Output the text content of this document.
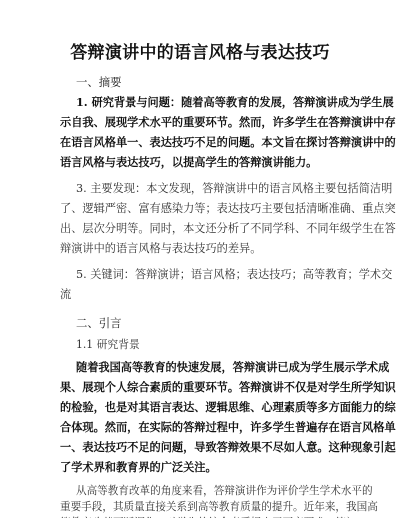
答辩演讲中的语言风格与表达技巧
一、摘要
1. 研究背景与问题：随着高等教育的发展，答辩演讲成为学生展
示自我、展现学术水平的重要环节。然而，许多学生在答辩演讲中存
在语言风格单一、表达技巧不足的问题。本文旨在探讨答辩演讲中的
语言风格与表达技巧，以提高学生的答辩演讲能力。
3. 主要发现：本文发现，答辩演讲中的语言风格主要包括简洁明
了、逻辑严密、富有感染力等；表达技巧主要包括清晰准确、重点突
出、层次分明等。同时，本文还分析了不同学科、不同年级学生在答
辩演讲中的语言风格与表达技巧的差异。
5. 关键词：答辩演讲；语言风格；表达技巧；高等教育；学术交
流
二、引言
1.1 研究背景
随着我国高等教育的快速发展，答辩演讲已成为学生展示学术成
果、展现个人综合素质的重要环节。答辩演讲不仅是对学生所学知识
的检验，也是对其语言表达、逻辑思维、心理素质等多方面能力的综
合体现。然而，在实际的答辩过程中，许多学生普遍存在语言风格单
一、表达技巧不足的问题，导致答辩效果不尽如人意。这种现象引起
了学术界和教育界的广泛关注。
从高等教育改革的角度来看，答辩演讲作为评价学生学术水平的
重要手段，其质量直接关系到高等教育质量的提升。近年来，我国高
